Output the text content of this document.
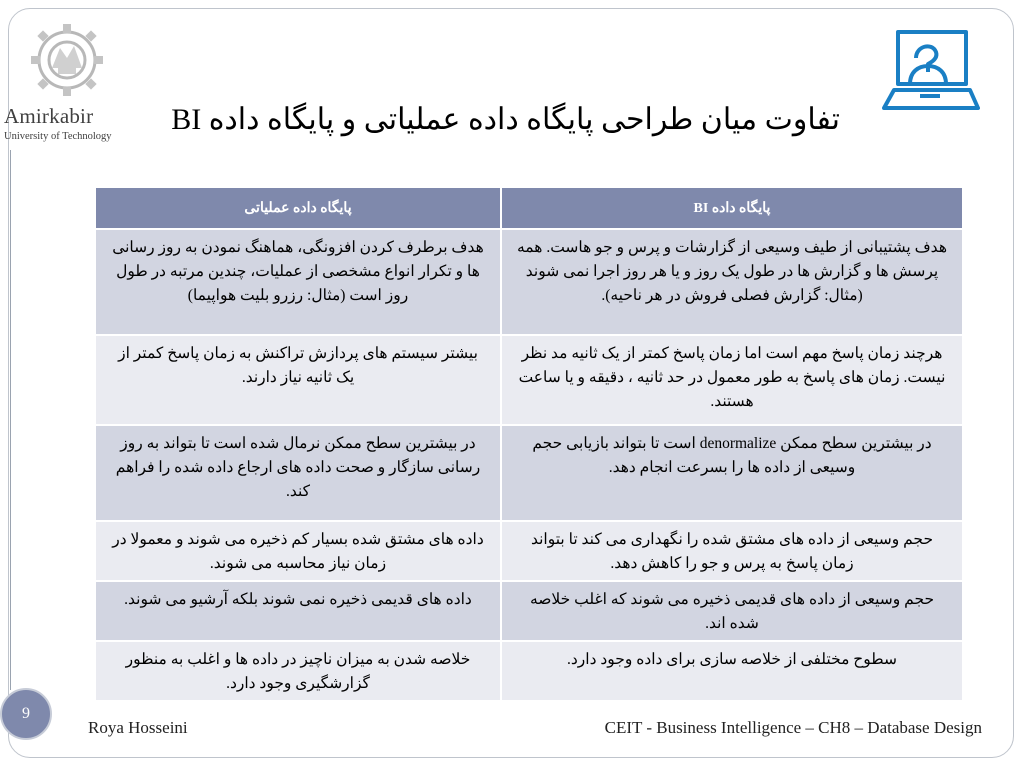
Amirkabir
University of Technology
تفاوت میان طراحی پایگاه داده عملیاتی و پایگاه داده BI
پایگاه داده BI	پایگاه داده عملیاتی
هدف پشتیبانی از طیف وسیعی از گزارشات و پرس و جو هاست. همه پرسش ها و گزارش ها در طول یک روز و یا هر روز اجرا نمی شوند (مثال: گزارش فصلی فروش در هر ناحیه).	هدف برطرف کردن افزونگی، هماهنگ نمودن به روز رسانی ها و تکرار انواع مشخصی از عملیات، چندین مرتبه در طول روز است (مثال: رزرو بلیت هواپیما)
هرچند زمان پاسخ مهم است اما زمان پاسخ کمتر از یک ثانیه مد نظر نیست. زمان های پاسخ به طور معمول در حد ثانیه ، دقیقه و یا ساعت هستند.	بیشتر سیستم های پردازش تراکنش به زمان پاسخ کمتر از یک ثانیه نیاز دارند.
در بیشترین سطح ممکن denormalize است تا بتواند بازیابی حجم وسیعی از داده ها را بسرعت انجام دهد.	در بیشترین سطح ممکن نرمال شده است تا بتواند به روز رسانی سازگار و صحت داده های ارجاع داده شده را فراهم کند.
حجم وسیعی از داده های مشتق شده را نگهداری می کند تا بتواند زمان پاسخ به پرس و جو را کاهش دهد.	داده های مشتق شده بسیار کم ذخیره می شوند و معمولا در زمان نیاز محاسبه می شوند.
حجم وسیعی از داده های قدیمی ذخیره می شوند که اغلب خلاصه شده اند.	داده های قدیمی ذخیره نمی شوند بلکه آرشیو می شوند.
سطوح مختلفی از خلاصه سازی برای داده وجود دارد.	خلاصه شدن به میزان ناچیز در داده ها و اغلب به منظور گزارشگیری وجود دارد.
9
Roya Hosseini	CEIT - Business Intelligence – CH8 – Database Design
